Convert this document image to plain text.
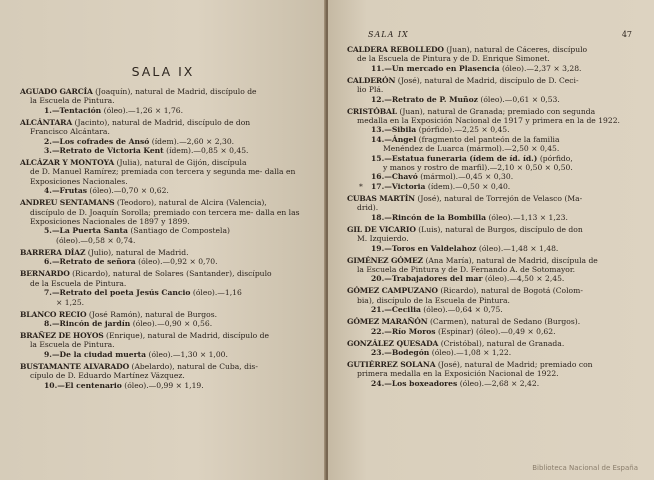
SALA IX
AGUADO GARCÍA (Joaquín), natural de Madrid, discípulo de
la Escuela de Pintura.
1.—Tentación (óleo).—1,26 × 1,76.
ALCÁNTARA (Jacinto), natural de Madrid, discípulo de don
Francisco Alcántara.
2.—Los cofrades de Ansó (ídem).—2,60 × 2,30.
3.—Retrato de Victoria Kent (ídem).—0,85 × 0,45.
ALCÁZAR Y MONTOYA (Julia), natural de Gijón, discípula
de D. Manuel Ramírez; premiada con tercera y segunda me- dalla en Exposiciones Nacionales.
4.—Frutas (óleo).—0,70 × 0,62.
ANDREU SENTAMANS (Teodoro), natural de Alcira (Valencia),
discípulo de D. Joaquín Sorolla; premiado con tercera me- dalla en las Exposiciones Nacionales de 1897 y 1899.
5.—La Puerta Santa (Santiago de Compostela)
(óleo).—0,58 × 0,74.
BARRERA DÍAZ (Julio), natural de Madrid.
6.—Retrato de señora (óleo).—0,92 × 0,70.
BERNARDO (Ricardo), natural de Solares (Santander), discípulo
de la Escuela de Pintura.
7.—Retrato del poeta Jesús Cancio (óleo).—1,16
× 1,25.
BLANCO RECIO (José Ramón), natural de Burgos.
8.—Rincón de jardín (óleo).—0,90 × 0,56.
BRAÑEZ DE HOYOS (Enrique), natural de Madrid, discípulo de
la Escuela de Pintura.
9.—De la ciudad muerta (óleo).—1,30 × 1,00.
BUSTAMANTE ALVARADO (Abelardo), natural de Cuba, dis-
cípulo de D. Eduardo Martínez Vázquez.
10.—El centenario (óleo).—0,99 × 1,19.
SALA IX	47
CALDERA REBOLLEDO (Juan), natural de Cáceres, discípulo
de la Escuela de Pintura y de D. Enrique Simonet.
11.—Un mercado en Plasencia (óleo).—2,37 × 3,28.
CALDERÓN (José), natural de Madrid, discípulo de D. Ceci-
lio Plá.
12.—Retrato de P. Muñoz (óleo).—0,61 × 0,53.
CRISTÓBAL (Juan), natural de Granada; premiado con segunda
medalla en la Exposición Nacional de 1917 y primera en la de 1922.
13.—Sibila (pórfido).—2,25 × 0,45.
14.—Ángel (fragmento del panteón de la familia
Menéndez de Luarca (mármol).—2,50 × 0,45.
15.—Estatua funeraria (ídem de íd. íd.) (pórfido,
y manos y rostro de marfil).—2,10 × 0,50 × 0,50.
16.—Chavó (mármol).—0,45 × 0,30.
* 17.—Victoria (ídem).—0,50 × 0,40.
CUBAS MARTÍN (José), natural de Torrejón de Velasco (Ma-
drid).
18.—Rincón de la Bombilla (óleo).—1,13 × 1,23.
GIL DE VICARIO (Luis), natural de Burgos, discípulo de don
M. Izquierdo.
19.—Toros en Valdelahoz (óleo).—1,48 × 1,48.
GIMÉNEZ GÓMEZ (Ana María), natural de Madrid, discípula de
la Escuela de Pintura y de D. Fernando A. de Sotomayor.
20.—Trabajadores del mar (óleo).—4,50 × 2,45.
GÓMEZ CAMPUZANO (Ricardo), natural de Bogotá (Colom-
bia), discípulo de la Escuela de Pintura.
21.—Cecilia (óleo).—0,64 × 0,75.
GÓMEZ MARAÑÓN (Carmen), natural de Sedano (Burgos).
22.—Río Moros (Espinar) (óleo).—0,49 × 0,62.
GONZÁLEZ QUESADA (Cristóbal), natural de Granada.
23.—Bodegón (óleo).—1,08 × 1,22.
GUTIÉRREZ SOLANA (José), natural de Madrid; premiado con
primera medalla en la Exposición Nacional de 1922.
24.—Los boxeadores (óleo).—2,68 × 2,42.
Biblioteca Nacional de España
